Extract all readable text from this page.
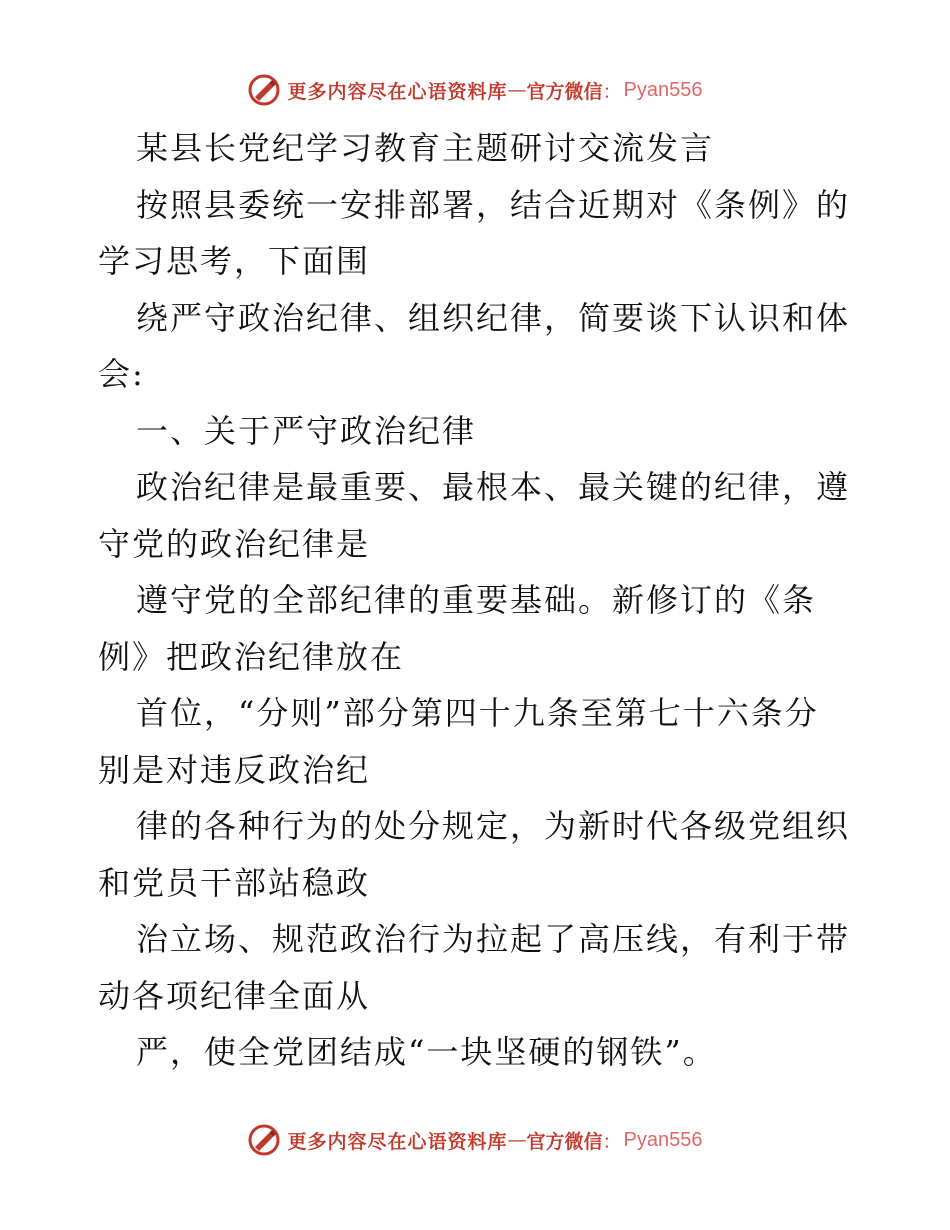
更多内容尽在心语资料库 — 官方微信 ： Pyan556
某县长党纪学习教育主题研讨交流发言
按照县委统一安排部署，结合近期对《条例》的
学习思考，下面围
绕严守政治纪律、组织纪律，简要谈下认识和体
会:
一、关于严守政治纪律
政治纪律是最重要、最根本、最关键的纪律，遵
守党的政治纪律是
遵守党的全部纪律的重要基础。新修订的《条
例》把政治纪律放在
首位，“分则”部分第四十九条至第七十六条分
别是对违反政治纪
律的各种行为的处分规定，为新时代各级党组织
和党员干部站稳政
治立场、规范政治行为拉起了高压线，有利于带
动各项纪律全面从
严，使全党团结成“一块坚硬的钢铁”。
更多内容尽在心语资料库 — 官方微信 ： Pyan556
